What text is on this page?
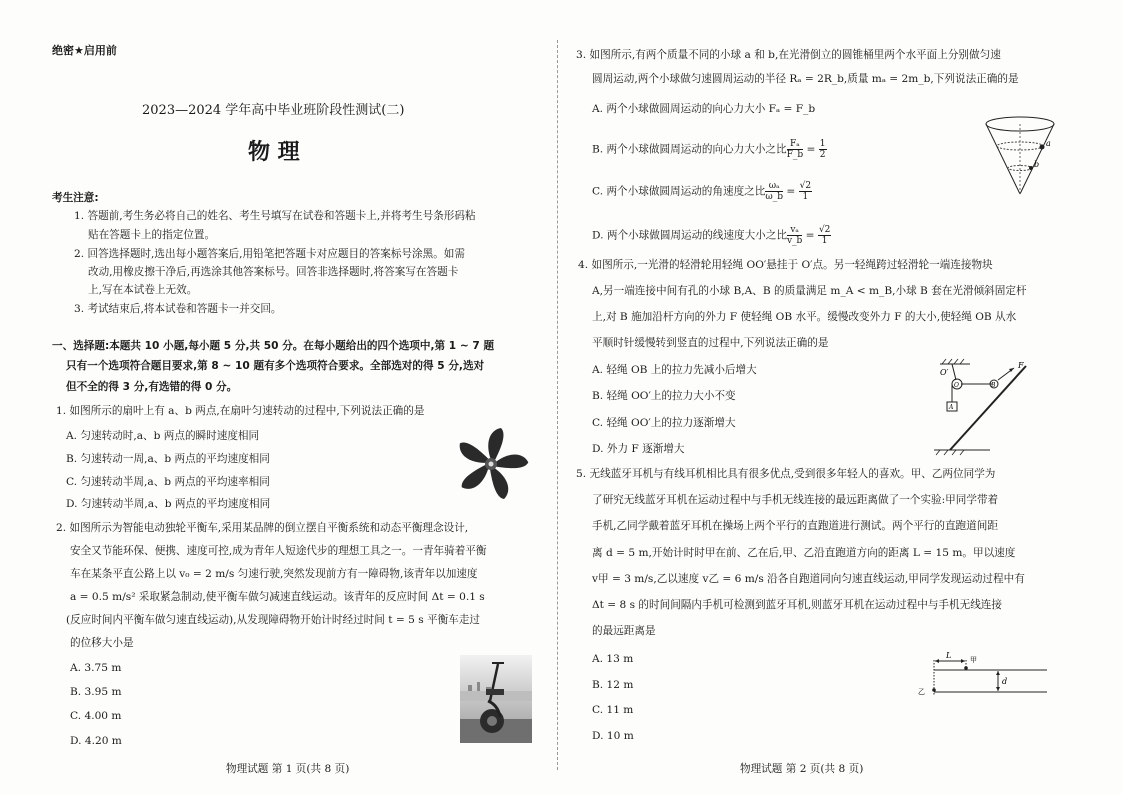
绝密★启用前
2023—2024 学年高中毕业班阶段性测试(二)
物 理
考生注意:
1. 答题前,考生务必将自己的姓名、考生号填写在试卷和答题卡上,并将考生号条形码粘
贴在答题卡上的指定位置。
2. 回答选择题时,选出每小题答案后,用铅笔把答题卡对应题目的答案标号涂黑。如需
改动,用橡皮擦干净后,再选涂其他答案标号。回答非选择题时,将答案写在答题卡
上,写在本试卷上无效。
3. 考试结束后,将本试卷和答题卡一并交回。
一、选择题:本题共 10 小题,每小题 5 分,共 50 分。在每小题给出的四个选项中,第 1 ~ 7 题
只有一个选项符合题目要求,第 8 ~ 10 题有多个选项符合要求。全部选对的得 5 分,选对
但不全的得 3 分,有选错的得 0 分。
1. 如图所示的扇叶上有 a、b 两点,在扇叶匀速转动的过程中,下列说法正确的是
A. 匀速转动时,a、b 两点的瞬时速度相同
B. 匀速转动一周,a、b 两点的平均速度相同
C. 匀速转动半周,a、b 两点的平均速率相同
D. 匀速转动半周,a、b 两点的平均速度相同
2. 如图所示为智能电动独轮平衡车,采用某品牌的倒立摆自平衡系统和动态平衡理念设计,
安全又节能环保、便携、速度可控,成为青年人短途代步的理想工具之一。一青年骑着平衡
车在某条平直公路上以 v₀ = 2 m/s 匀速行驶,突然发现前方有一障碍物,该青年以加速度
a = 0.5 m/s² 采取紧急制动,使平衡车做匀减速直线运动。该青年的反应时间 Δt = 0.1 s
(反应时间内平衡车做匀速直线运动),从发现障碍物开始计时经过时间 t = 5 s 平衡车走过
的位移大小是
A. 3.75 m
B. 3.95 m
C. 4.00 m
D. 4.20 m
物理试题 第 1 页(共 8 页)
3. 如图所示,有两个质量不同的小球 a 和 b,在光滑倒立的圆锥桶里两个水平面上分别做匀速
圆周运动,两个小球做匀速圆周运动的半径 Rₐ = 2R_b,质量 mₐ = 2m_b,下列说法正确的是
A. 两个小球做圆周运动的向心力大小 Fₐ = F_b
B. 两个小球做圆周运动的向心力大小之比 $\frac{\text{Fₐ}}{F\_b} = \frac{1}{2}$
C. 两个小球做圆周运动的角速度之比 $\frac{\text{ωₐ}}{\omega\_b} = \frac{√2}{1}$
D. 两个小球做圆周运动的线速度大小之比 $\frac{\text{vₐ}}{v\_b} = \frac{√2}{1}$
a
b
4. 如图所示,一光滑的轻滑轮用轻绳 OO′悬挂于 O′点。另一轻绳跨过轻滑轮一端连接物块
A,另一端连接中间有孔的小球 B,A、B 的质量满足 m_A < m_B,小球 B 套在光滑倾斜固定杆
上,对 B 施加沿杆方向的外力 F 使轻绳 OB 水平。缓慢改变外力 F 的大小,使轻绳 OB 从水
平顺时针缓慢转到竖直的过程中,下列说法正确的是
A. 轻绳 OB 上的拉力先减小后增大
B. 轻绳 OO′上的拉力大小不变
C. 轻绳 OO′上的拉力逐渐增大
D. 外力 F 逐渐增大
O′
O
A
B
F
5. 无线蓝牙耳机与有线耳机相比具有很多优点,受到很多年轻人的喜欢。甲、乙两位同学为
了研究无线蓝牙耳机在运动过程中与手机无线连接的最远距离做了一个实验:甲同学带着
手机,乙同学戴着蓝牙耳机在操场上两个平行的直跑道进行测试。两个平行的直跑道间距
离 d = 5 m,开始计时时甲在前、乙在后,甲、乙沿直跑道方向的距离 L = 15 m。甲以速度
v甲 = 3 m/s,乙以速度 v乙 = 6 m/s 沿各自跑道同向匀速直线运动,甲同学发现运动过程中有
Δt = 8 s 的时间间隔内手机可检测到蓝牙耳机,则蓝牙耳机在运动过程中与手机无线连接
的最远距离是
A. 13 m
B. 12 m
C. 11 m
D. 10 m
L	甲
乙
d
物理试题 第 2 页(共 8 页)
